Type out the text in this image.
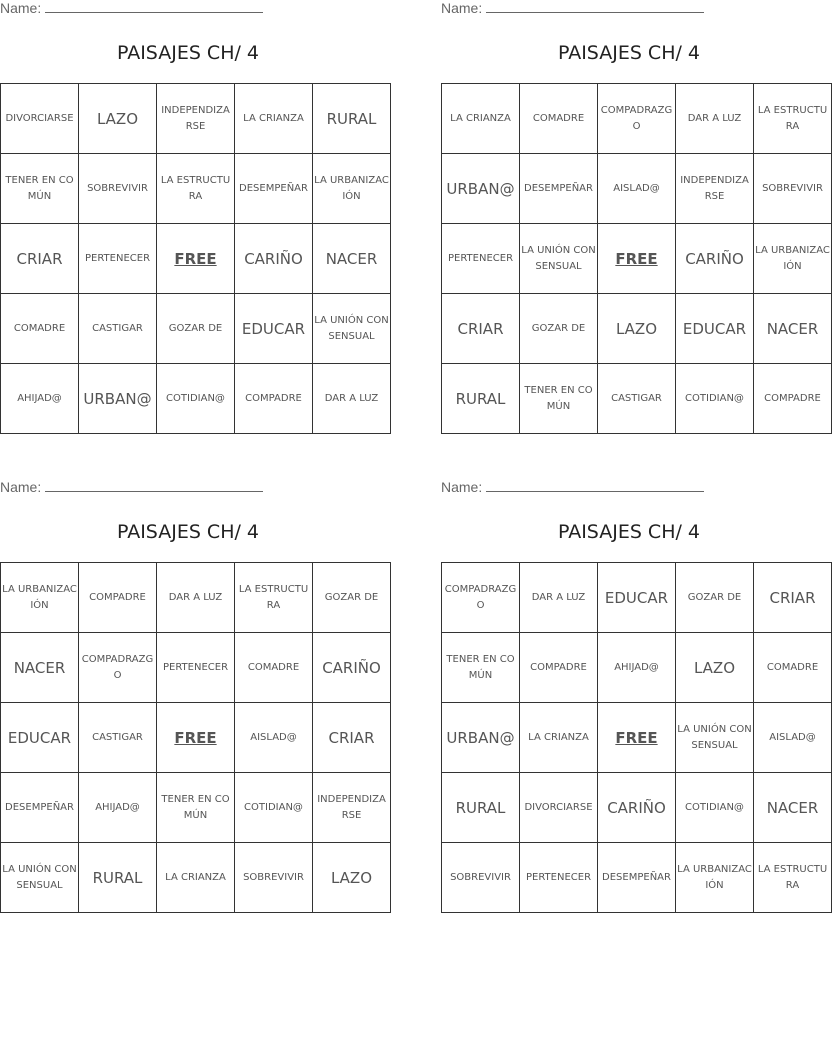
Name:
PAISAJES CH/ 4
DIVORCIARSE	LAZO	INDEPENDIZARSE	LA CRIANZA	RURAL
TENER EN COMÚN	SOBREVIVIR	LA ESTRUCTURA	DESEMPEÑAR	LA URBANIZACIÓN
CRIAR	PERTENECER	FREE	CARIÑO	NACER
COMADRE	CASTIGAR	GOZAR DE	EDUCAR	LA UNIÓN CONSENSUAL
AHIJAD@	URBAN@	COTIDIAN@	COMPADRE	DAR A LUZ
Name:
PAISAJES CH/ 4
LA CRIANZA	COMADRE	COMPADRAZGO	DAR A LUZ	LA ESTRUCTURA
URBAN@	DESEMPEÑAR	AISLAD@	INDEPENDIZARSE	SOBREVIVIR
PERTENECER	LA UNIÓN CONSENSUAL	FREE	CARIÑO	LA URBANIZACIÓN
CRIAR	GOZAR DE	LAZO	EDUCAR	NACER
RURAL	TENER EN COMÚN	CASTIGAR	COTIDIAN@	COMPADRE
Name:
PAISAJES CH/ 4
LA URBANIZACIÓN	COMPADRE	DAR A LUZ	LA ESTRUCTURA	GOZAR DE
NACER	COMPADRAZGO	PERTENECER	COMADRE	CARIÑO
EDUCAR	CASTIGAR	FREE	AISLAD@	CRIAR
DESEMPEÑAR	AHIJAD@	TENER EN COMÚN	COTIDIAN@	INDEPENDIZARSE
LA UNIÓN CONSENSUAL	RURAL	LA CRIANZA	SOBREVIVIR	LAZO
Name:
PAISAJES CH/ 4
COMPADRAZGO	DAR A LUZ	EDUCAR	GOZAR DE	CRIAR
TENER EN COMÚN	COMPADRE	AHIJAD@	LAZO	COMADRE
URBAN@	LA CRIANZA	FREE	LA UNIÓN CONSENSUAL	AISLAD@
RURAL	DIVORCIARSE	CARIÑO	COTIDIAN@	NACER
SOBREVIVIR	PERTENECER	DESEMPEÑAR	LA URBANIZACIÓN	LA ESTRUCTURA
